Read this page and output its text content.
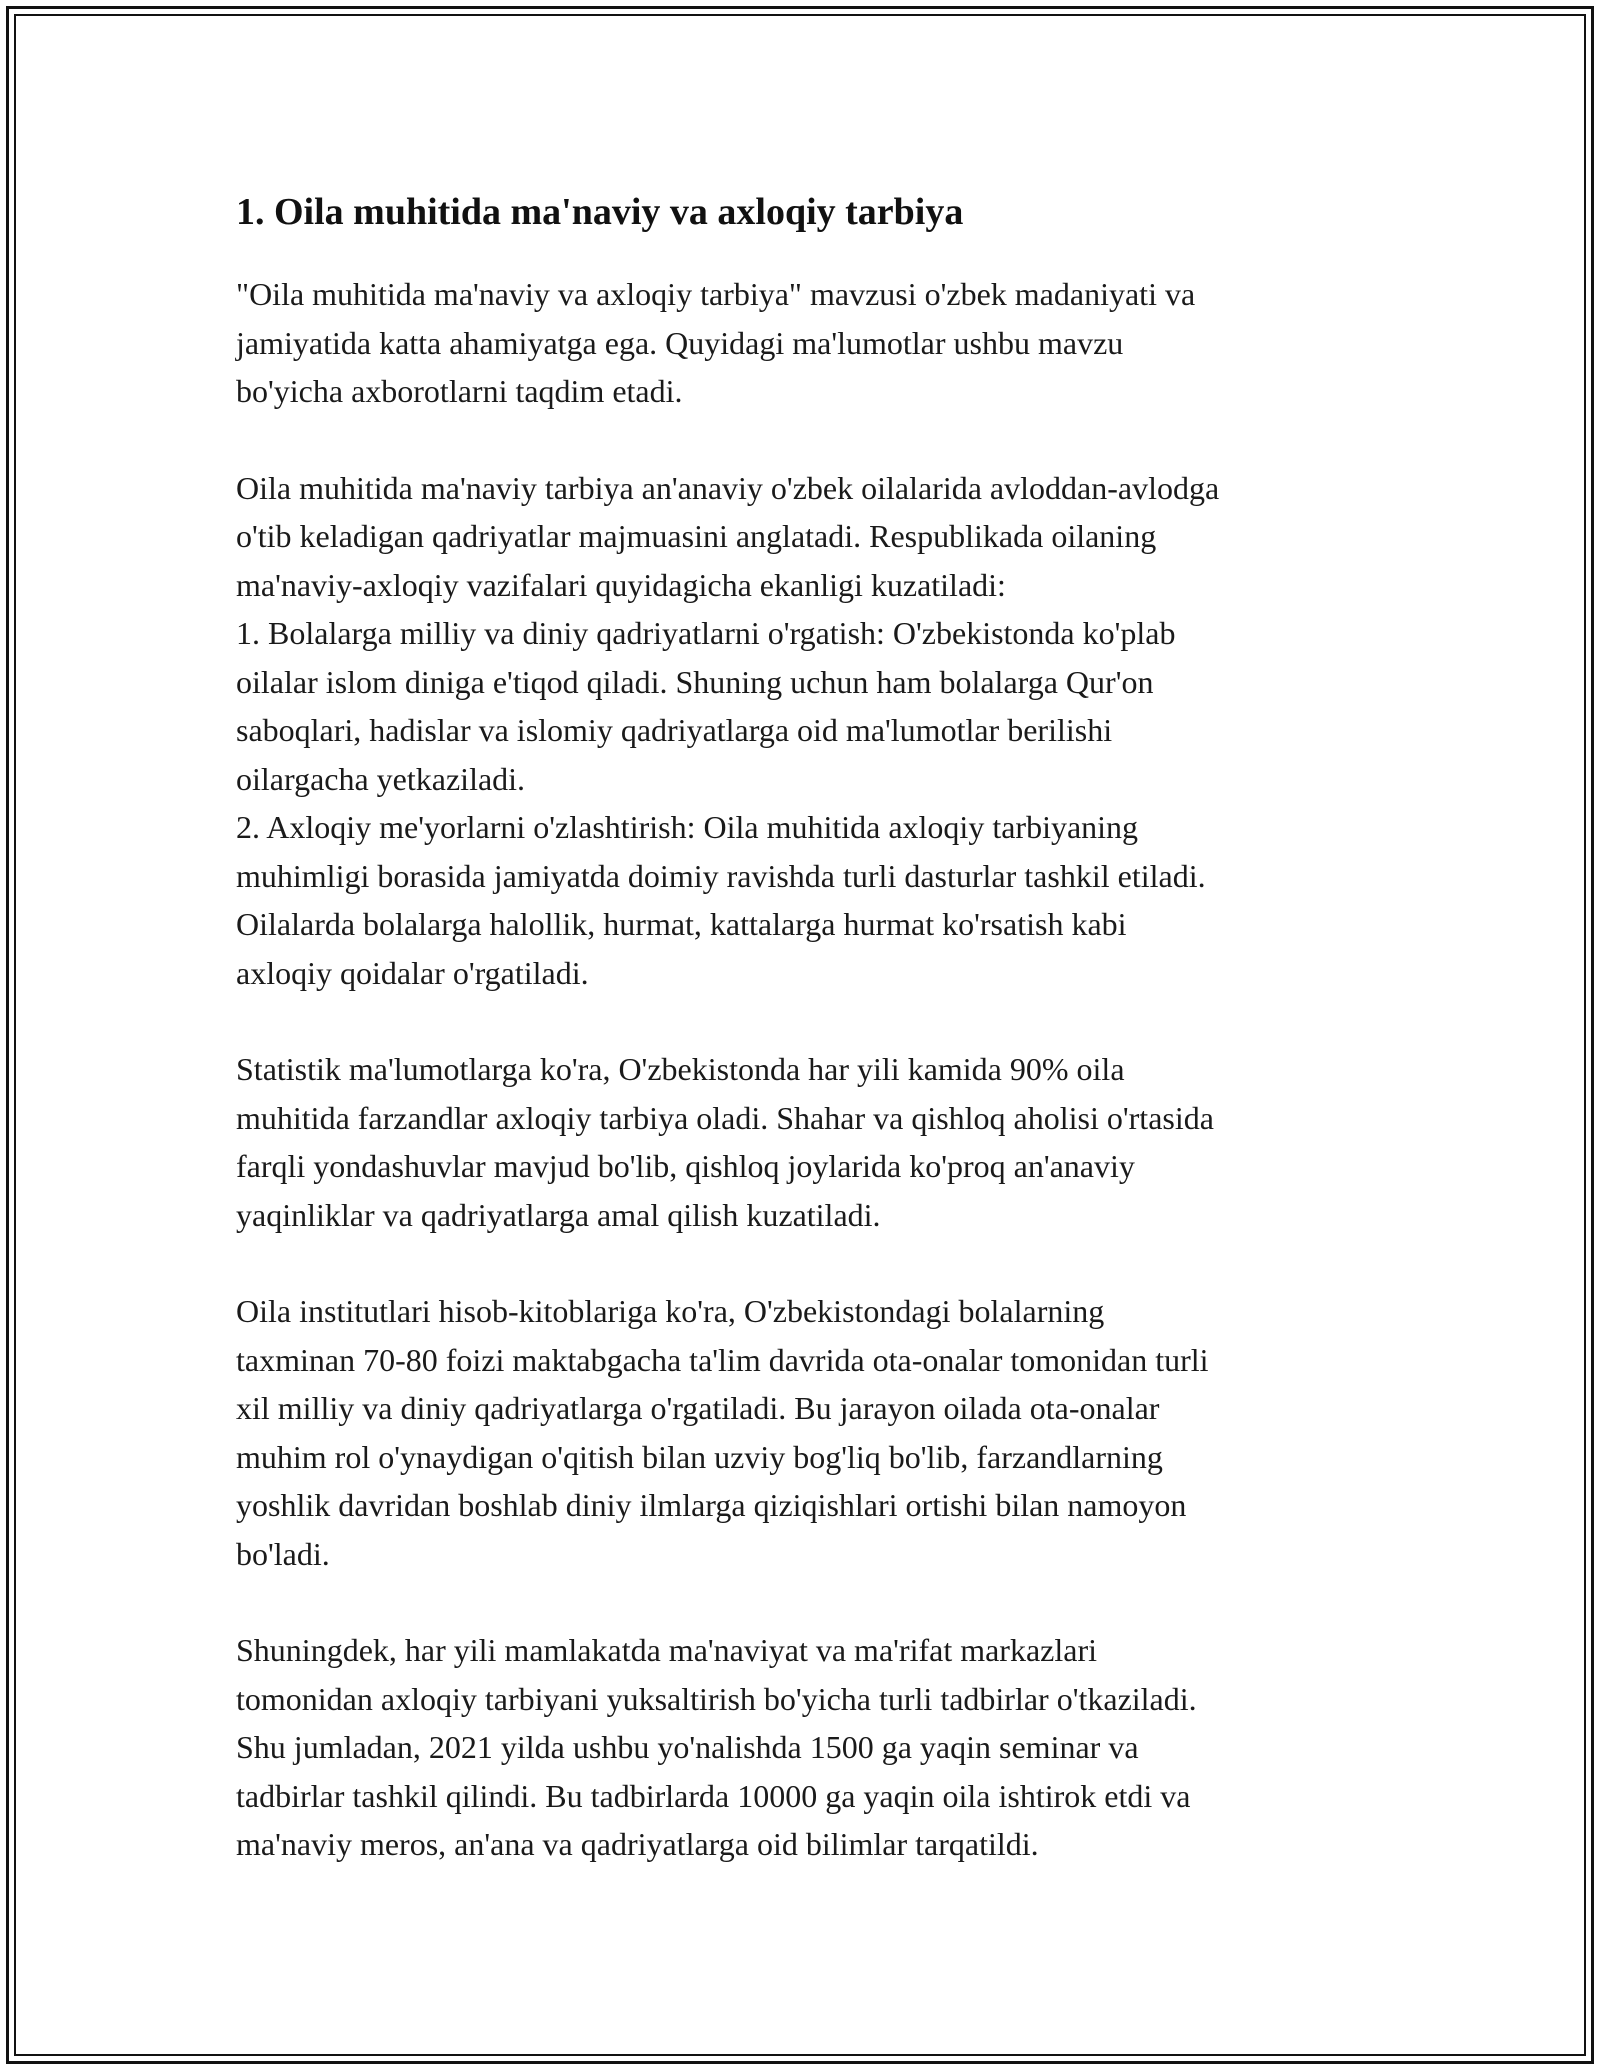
1. Oila muhitida ma'naviy va axloqiy tarbiya

"Oila muhitida ma'naviy va axloqiy tarbiya" mavzusi o'zbek madaniyati va
jamiyatida katta ahamiyatga ega. Quyidagi ma'lumotlar ushbu mavzu
bo'yicha axborotlarni taqdim etadi.

Oila muhitida ma'naviy tarbiya an'anaviy o'zbek oilalarida avloddan-avlodga
o'tib keladigan qadriyatlar majmuasini anglatadi. Respublikada oilaning
ma'naviy-axloqiy vazifalari quyidagicha ekanligi kuzatiladi:
1. Bolalarga milliy va diniy qadriyatlarni o'rgatish: O'zbekistonda ko'plab
oilalar islom diniga e'tiqod qiladi. Shuning uchun ham bolalarga Qur'on
saboqlari, hadislar va islomiy qadriyatlarga oid ma'lumotlar berilishi
oilargacha yetkaziladi.
2. Axloqiy me'yorlarni o'zlashtirish: Oila muhitida axloqiy tarbiyaning
muhimligi borasida jamiyatda doimiy ravishda turli dasturlar tashkil etiladi.
Oilalarda bolalarga halollik, hurmat, kattalarga hurmat ko'rsatish kabi
axloqiy qoidalar o'rgatiladi.

Statistik ma'lumotlarga ko'ra, O'zbekistonda har yili kamida 90% oila
muhitida farzandlar axloqiy tarbiya oladi. Shahar va qishloq aholisi o'rtasida
farqli yondashuvlar mavjud bo'lib, qishloq joylarida ko'proq an'anaviy
yaqinliklar va qadriyatlarga amal qilish kuzatiladi.

Oila institutlari hisob-kitoblariga ko'ra, O'zbekistondagi bolalarning
taxminan 70-80 foizi maktabgacha ta'lim davrida ota-onalar tomonidan turli
xil milliy va diniy qadriyatlarga o'rgatiladi. Bu jarayon oilada ota-onalar
muhim rol o'ynaydigan o'qitish bilan uzviy bog'liq bo'lib, farzandlarning
yoshlik davridan boshlab diniy ilmlarga qiziqishlari ortishi bilan namoyon
bo'ladi.

Shuningdek, har yili mamlakatda ma'naviyat va ma'rifat markazlari
tomonidan axloqiy tarbiyani yuksaltirish bo'yicha turli tadbirlar o'tkaziladi.
Shu jumladan, 2021 yilda ushbu yo'nalishda 1500 ga yaqin seminar va
tadbirlar tashkil qilindi. Bu tadbirlarda 10000 ga yaqin oila ishtirok etdi va
ma'naviy meros, an'ana va qadriyatlarga oid bilimlar tarqatildi.
